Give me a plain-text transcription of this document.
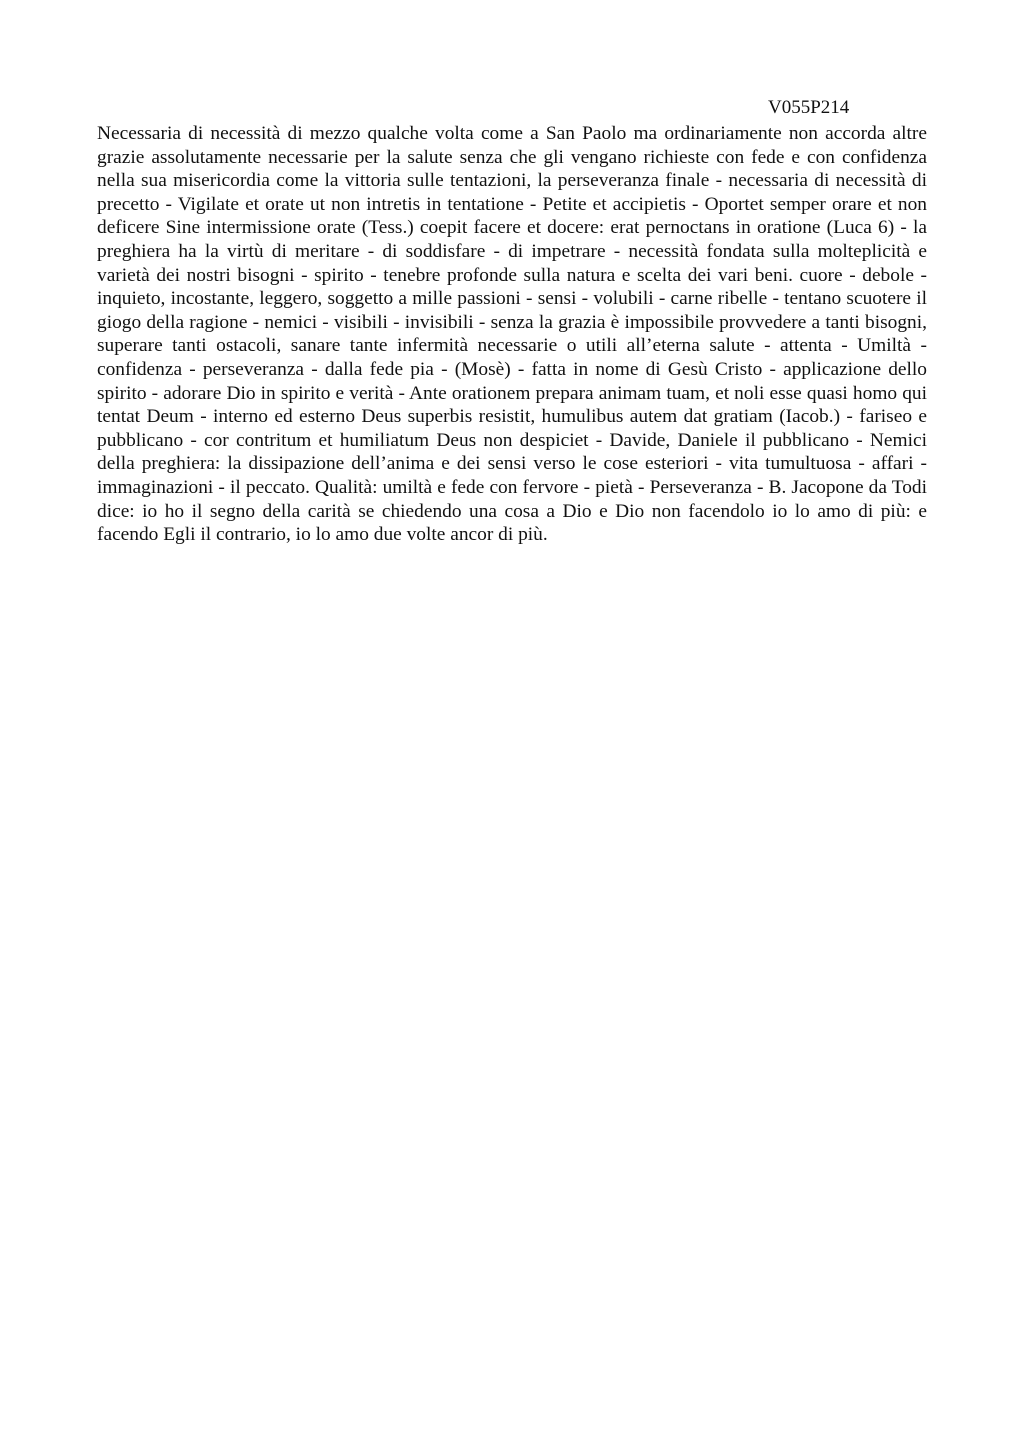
V055P214

Necessaria di necessità di mezzo qualche volta come a San Paolo ma ordinariamente non accorda altre grazie assolutamente necessarie per la salute senza che gli vengano richieste con fede e con confidenza nella sua misericordia come la vittoria sulle tentazioni, la perseveranza finale - necessaria di necessità di precetto - Vigilate et orate ut non intretis in tentatione - Petite et accipietis - Oportet semper orare et non deficere Sine intermissione orate (Tess.) coepit facere et docere: erat pernoctans in oratione (Luca 6) - la preghiera ha la virtù di meritare - di soddisfare - di impetrare - necessità fondata sulla molteplicità e varietà dei nostri bisogni - spirito - tenebre profonde sulla natura e scelta dei vari beni. cuore - debole - inquieto, incostante, leggero, soggetto a mille passioni - sensi - volubili - carne ribelle - tentano scuotere il giogo della ragione - nemici - visibili - invisibili - senza la grazia è impossibile provvedere a tanti bisogni, superare tanti ostacoli, sanare tante infermità necessarie o utili all’eterna salute - attenta - Umiltà - confidenza - perseveranza - dalla fede pia - (Mosè) - fatta in nome di Gesù Cristo - applicazione dello spirito - adorare Dio in spirito e verità - Ante orationem prepara animam tuam, et noli esse quasi homo qui tentat Deum - interno ed esterno Deus superbis resistit, humulibus autem dat gratiam (Iacob.) - fariseo e pubblicano - cor contritum et humiliatum Deus non despiciet - Davide, Daniele il pubblicano - Nemici della preghiera: la dissipazione dell’anima e dei sensi verso le cose esteriori - vita tumultuosa - affari - immaginazioni - il peccato. Qualità: umiltà e fede con fervore - pietà - Perseveranza - B. Jacopone da Todi dice: io ho il segno della carità se chiedendo una cosa a Dio e Dio non facendolo io lo amo di più: e facendo Egli il contrario, io lo amo due volte ancor di più.
